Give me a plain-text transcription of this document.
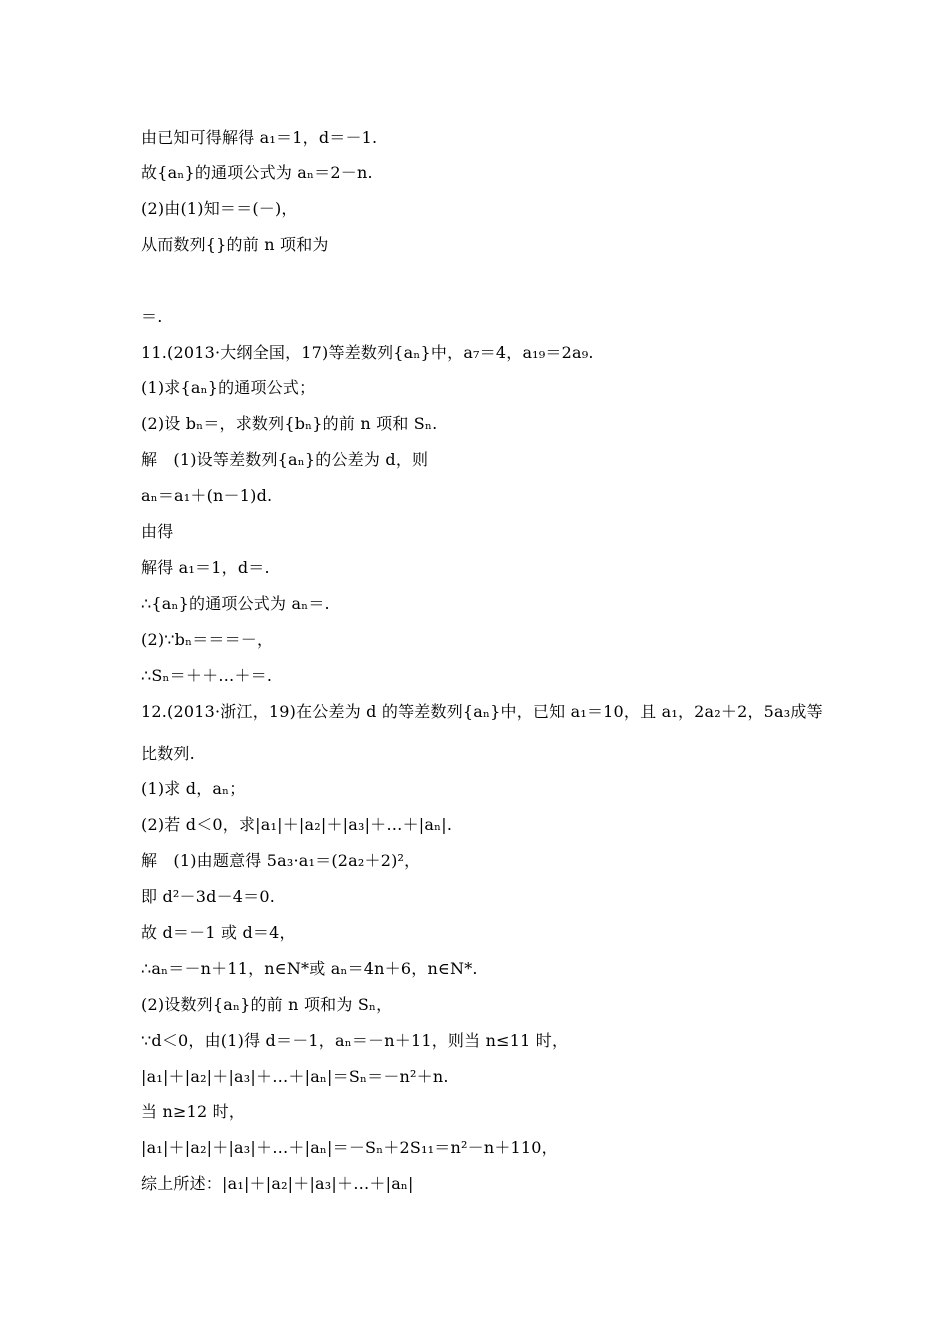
由已知可得解得 a₁＝1，d＝－1.
故{aₙ}的通项公式为 aₙ＝2－n.
(2)由(1)知＝＝(－)，
从而数列{}的前 n 项和为
＝.
11.(2013·大纲全国，17)等差数列{aₙ}中，a₇＝4，a₁₉＝2a₉.
(1)求{aₙ}的通项公式；
(2)设 bₙ＝，求数列{bₙ}的前 n 项和 Sₙ.
解　(1)设等差数列{aₙ}的公差为 d，则
aₙ＝a₁＋(n－1)d.
由得
解得 a₁＝1，d＝.
∴{aₙ}的通项公式为 aₙ＝.
(2)∵bₙ＝＝＝－，
∴Sₙ＝＋＋…＋＝.
12.(2013·浙江，19)在公差为 d 的等差数列{aₙ}中，已知 a₁＝10，且 a₁，2a₂＋2，5a₃成等
比数列.
(1)求 d，aₙ；
(2)若 d＜0，求|a₁|＋|a₂|＋|a₃|＋…＋|aₙ|.
解　(1)由题意得 5a₃·a₁＝(2a₂＋2)²，
即 d²－3d－4＝0.
故 d＝－1 或 d＝4，
∴aₙ＝－n＋11，n∈N*或 aₙ＝4n＋6，n∈N*.
(2)设数列{aₙ}的前 n 项和为 Sₙ，
∵d＜0，由(1)得 d＝－1，aₙ＝－n＋11，则当 n≤11 时，
|a₁|＋|a₂|＋|a₃|＋…＋|aₙ|＝Sₙ＝－n²＋n.
当 n≥12 时，
|a₁|＋|a₂|＋|a₃|＋…＋|aₙ|＝－Sₙ＋2S₁₁＝n²－n＋110，
综上所述：|a₁|＋|a₂|＋|a₃|＋…＋|aₙ|
